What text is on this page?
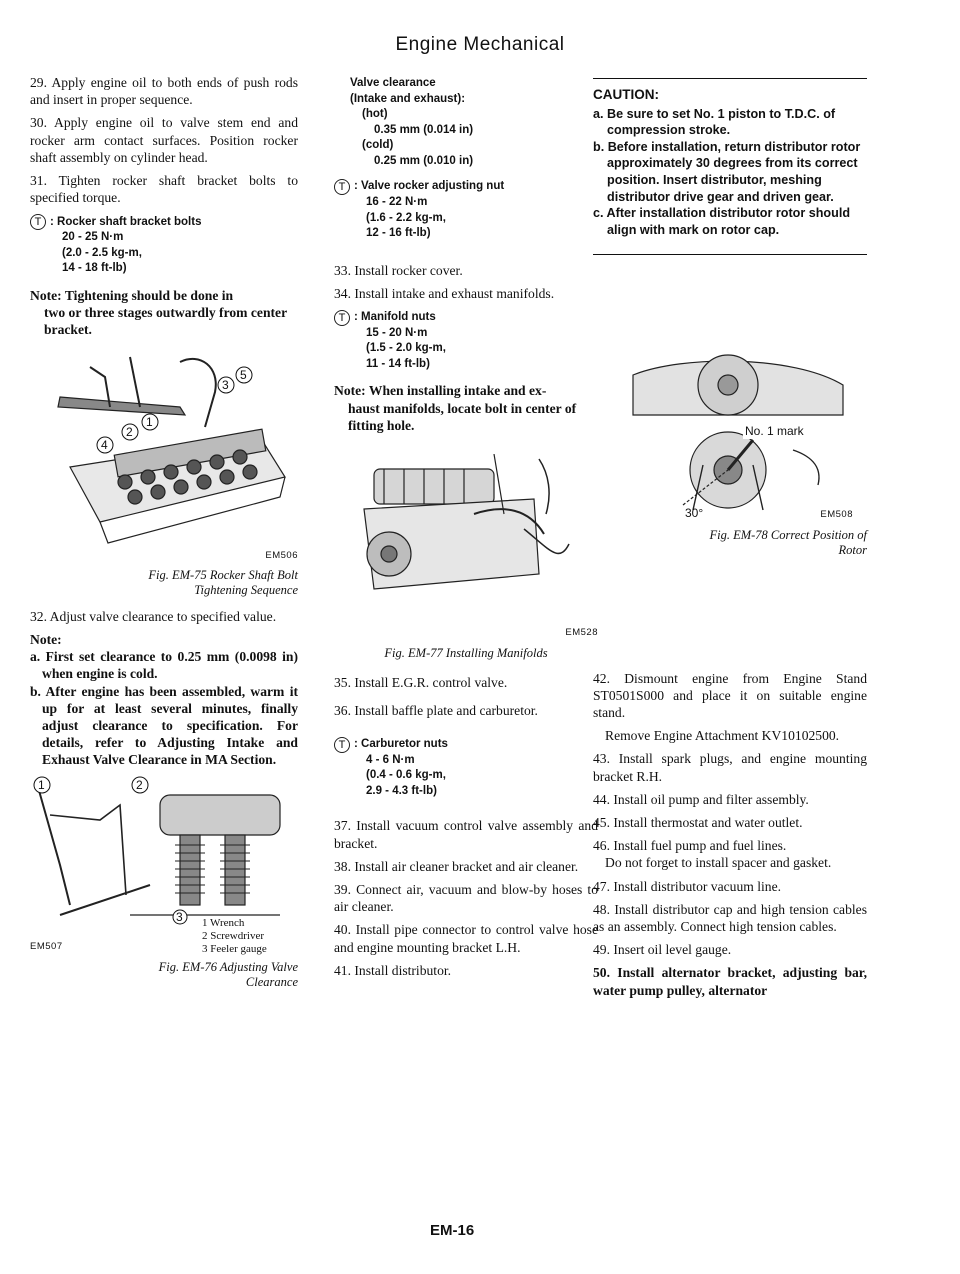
Engine Mechanical

29. Apply engine oil to both ends of push rods and insert in proper sequence.

30. Apply engine oil to valve stem end and rocker arm contact surfaces. Position rocker shaft assembly on cylinder head.

31. Tighten rocker shaft bracket bolts to specified torque.

T : Rocker shaft bracket bolts
20 - 25 N·m
(2.0 - 2.5 kg-m,
14 - 18 ft-lb)
Note: Tightening should be done in
two or three stages outwardly from center bracket.
5
3
1
2
4
EM506
Fig. EM-75 Rocker Shaft Bolt
Tightening Sequence

32. Adjust valve clearance to specified value.

Note:
a. First set clearance to 0.25 mm (0.0098 in) when engine is cold.
b. After engine has been assembled, warm it up for at least several minutes, finally adjust clearance to specification. For details, refer to Adjusting Intake and Exhaust Valve Clearance in MA Section.
1	2
3
EM507
1 Wrench
2 Screwdriver
3 Feeler gauge
Fig. EM-76 Adjusting Valve
Clearance
Valve clearance
(Intake and exhaust):
(hot)
0.35 mm (0.014 in)
(cold)
0.25 mm (0.010 in)
T : Valve rocker adjusting nut
16 - 22 N·m
(1.6 - 2.2 kg-m,
12 - 16 ft-lb)

33. Install rocker cover.

34. Install intake and exhaust manifolds.

T : Manifold nuts
15 - 20 N·m
(1.5 - 2.0 kg-m,
11 - 14 ft-lb)
Note: When installing intake and ex-
haust manifolds, locate bolt in center of fitting hole.
EM528
Fig. EM-77 Installing Manifolds

35. Install E.G.R. control valve.

36. Install baffle plate and carburetor.

T : Carburetor nuts
4 - 6 N·m
(0.4 - 0.6 kg-m,
2.9 - 4.3 ft-lb)

37. Install vacuum control valve assembly and bracket.

38. Install air cleaner bracket and air cleaner.

39. Connect air, vacuum and blow-by hoses to air cleaner.

40. Install pipe connector to control valve hose and engine mounting bracket L.H.

41. Install distributor.

CAUTION:
a. Be sure to set No. 1 piston to T.D.C. of compression stroke.
b. Before installation, return distributor rotor approximately 30 degrees from its correct position. Insert distributor, meshing distributor drive gear and driven gear.
c. After installation distributor rotor should align with mark on rotor cap.
No. 1 mark
30°	EM508
Fig. EM-78 Correct Position of
Rotor

42. Dismount engine from Engine Stand ST0501S000 and place it on suitable engine stand.

Remove Engine Attachment KV10102500.

43. Install spark plugs, and engine mounting bracket R.H.

44. Install oil pump and filter assembly.

45. Install thermostat and water outlet.

46. Install fuel pump and fuel lines.

Do not forget to install spacer and gasket.

47. Install distributor vacuum line.

48. Install distributor cap and high tension cables as an assembly. Connect high tension cables.

49. Insert oil level gauge.

50. Install alternator bracket, adjusting bar, water pump pulley, alternator

EM-16
